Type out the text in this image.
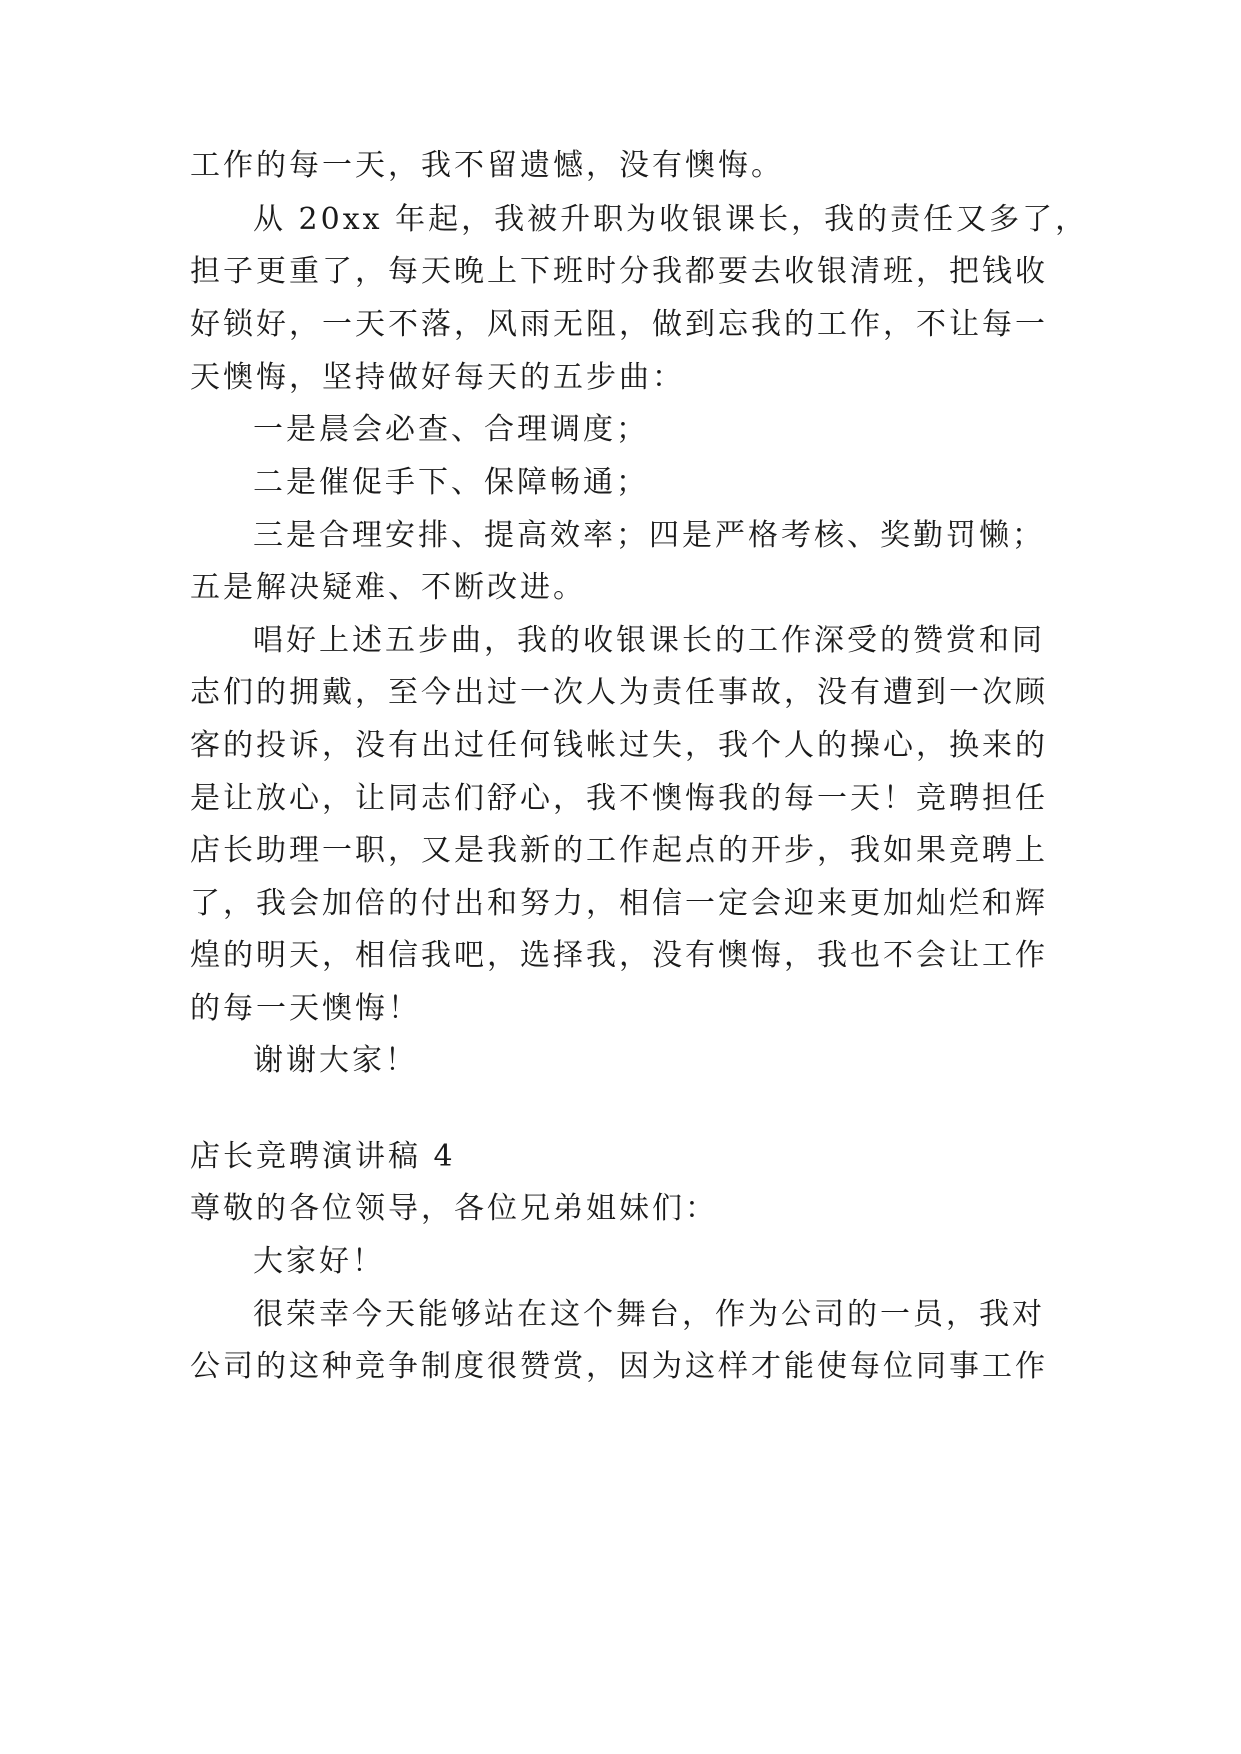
工作的每一天，我不留遗憾，没有懊悔。
从 20xx 年起，我被升职为收银课长，我的责任又多了，
担子更重了，每天晚上下班时分我都要去收银清班，把钱收
好锁好，一天不落，风雨无阻，做到忘我的工作，不让每一
天懊悔，坚持做好每天的五步曲：
一是晨会必查、合理调度；
二是催促手下、保障畅通；
三是合理安排、提高效率；四是严格考核、奖勤罚懒；
五是解决疑难、不断改进。
唱好上述五步曲，我的收银课长的工作深受的赞赏和同
志们的拥戴，至今出过一次人为责任事故，没有遭到一次顾
客的投诉，没有出过任何钱帐过失，我个人的操心，换来的
是让放心，让同志们舒心，我不懊悔我的每一天！竞聘担任
店长助理一职，又是我新的工作起点的开步，我如果竞聘上
了，我会加倍的付出和努力，相信一定会迎来更加灿烂和辉
煌的明天，相信我吧，选择我，没有懊悔，我也不会让工作
的每一天懊悔！
谢谢大家！
店长竞聘演讲稿 4
尊敬的各位领导，各位兄弟姐妹们：
大家好！
很荣幸今天能够站在这个舞台，作为公司的一员，我对
公司的这种竞争制度很赞赏，因为这样才能使每位同事工作
